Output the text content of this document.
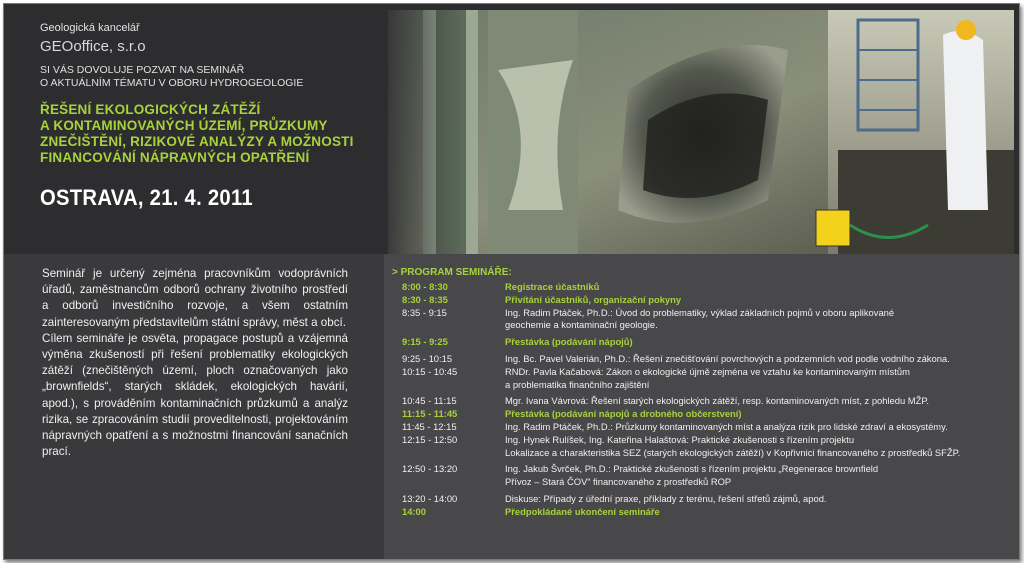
Geologická kancelář
GEOoffice, s.r.o
SI VÁS DOVOLUJE POZVAT NA SEMINÁŘ
O AKTUÁLNÍM TÉMATU V OBORU HYDROGEOLOGIE
ŘEŠENÍ EKOLOGICKÝCH ZÁTĚŽÍ
A KONTAMINOVANÝCH ÚZEMÍ, PRŮZKUMY
ZNEČIŠTĚNÍ, RIZIKOVÉ ANALÝZY A MOŽNOSTI
FINANCOVÁNÍ NÁPRAVNÝCH OPATŘENÍ
OSTRAVA, 21. 4. 2011

Seminář je určený zejména pracovníkům vodoprávních úřadů, zaměstnancům odborů ochrany životního prostředí a odborů investičního rozvoje, a všem ostatním zainteresovaným představitelům státní správy, měst a obcí.

Cílem semináře je osvěta, propagace postupů a vzájemná výměna zkušeností při řešení problematiky ekologických zátěží (znečištěných území, ploch označovaných jako „brownfields“, starých skládek, ekologických havárií, apod.), s prováděním kontaminačních průzkumů a analýz rizika, se zpracováním studií proveditelnosti, projektováním nápravných opatření a s možnostmi financování sanačních prací.

> PROGRAM SEMINÁŘE:
8:00 - 8:30	Registrace účastníků
8:30 - 8:35	Přivítání účastníků, organizační pokyny
8:35 - 9:15	Ing. Radim Ptáček, Ph.D.: Úvod do problematiky, výklad základních pojmů v oboru aplikované
geochemie a kontaminační geologie.
9:15 - 9:25	Přestávka (podávání nápojů)
9:25 - 10:15	Ing. Bc. Pavel Valerián, Ph.D.: Řešení znečišťování povrchových a podzemních vod podle vodního zákona.
10:15 - 10:45	RNDr. Pavla Kačabová: Zákon o ekologické újmě zejména ve vztahu ke kontaminovaným místům
a problematika finančního zajištění
10:45 - 11:15	Mgr. Ivana Vávrová: Řešení starých ekologických zátěží, resp. kontaminovaných míst, z pohledu MŽP.
11:15 - 11:45	Přestávka (podávání nápojů a drobného občerstvení)
11:45 - 12:15	Ing. Radim Ptáček, Ph.D.: Průzkumy kontaminovaných míst a analýza rizik pro lidské zdraví a ekosystémy.
12:15 - 12:50	Ing. Hynek Rulíšek, Ing. Kateřina Halaštová: Praktické zkušenosti s řízením projektu
Lokalizace a charakteristika SEZ (starých ekologických zátěží) v Kopřivnici financovaného z prostředků SFŽP.
12:50 - 13:20	Ing. Jakub Švrček, Ph.D.: Praktické zkušenosti s řízením projektu „Regenerace brownfield
Přívoz – Stará ČOV“ financovaného z prostředků ROP
13:20 - 14:00	Diskuse: Případy z úřední praxe, příklady z terénu, řešení střetů zájmů, apod.
14:00	Předpokládané ukončení semináře
